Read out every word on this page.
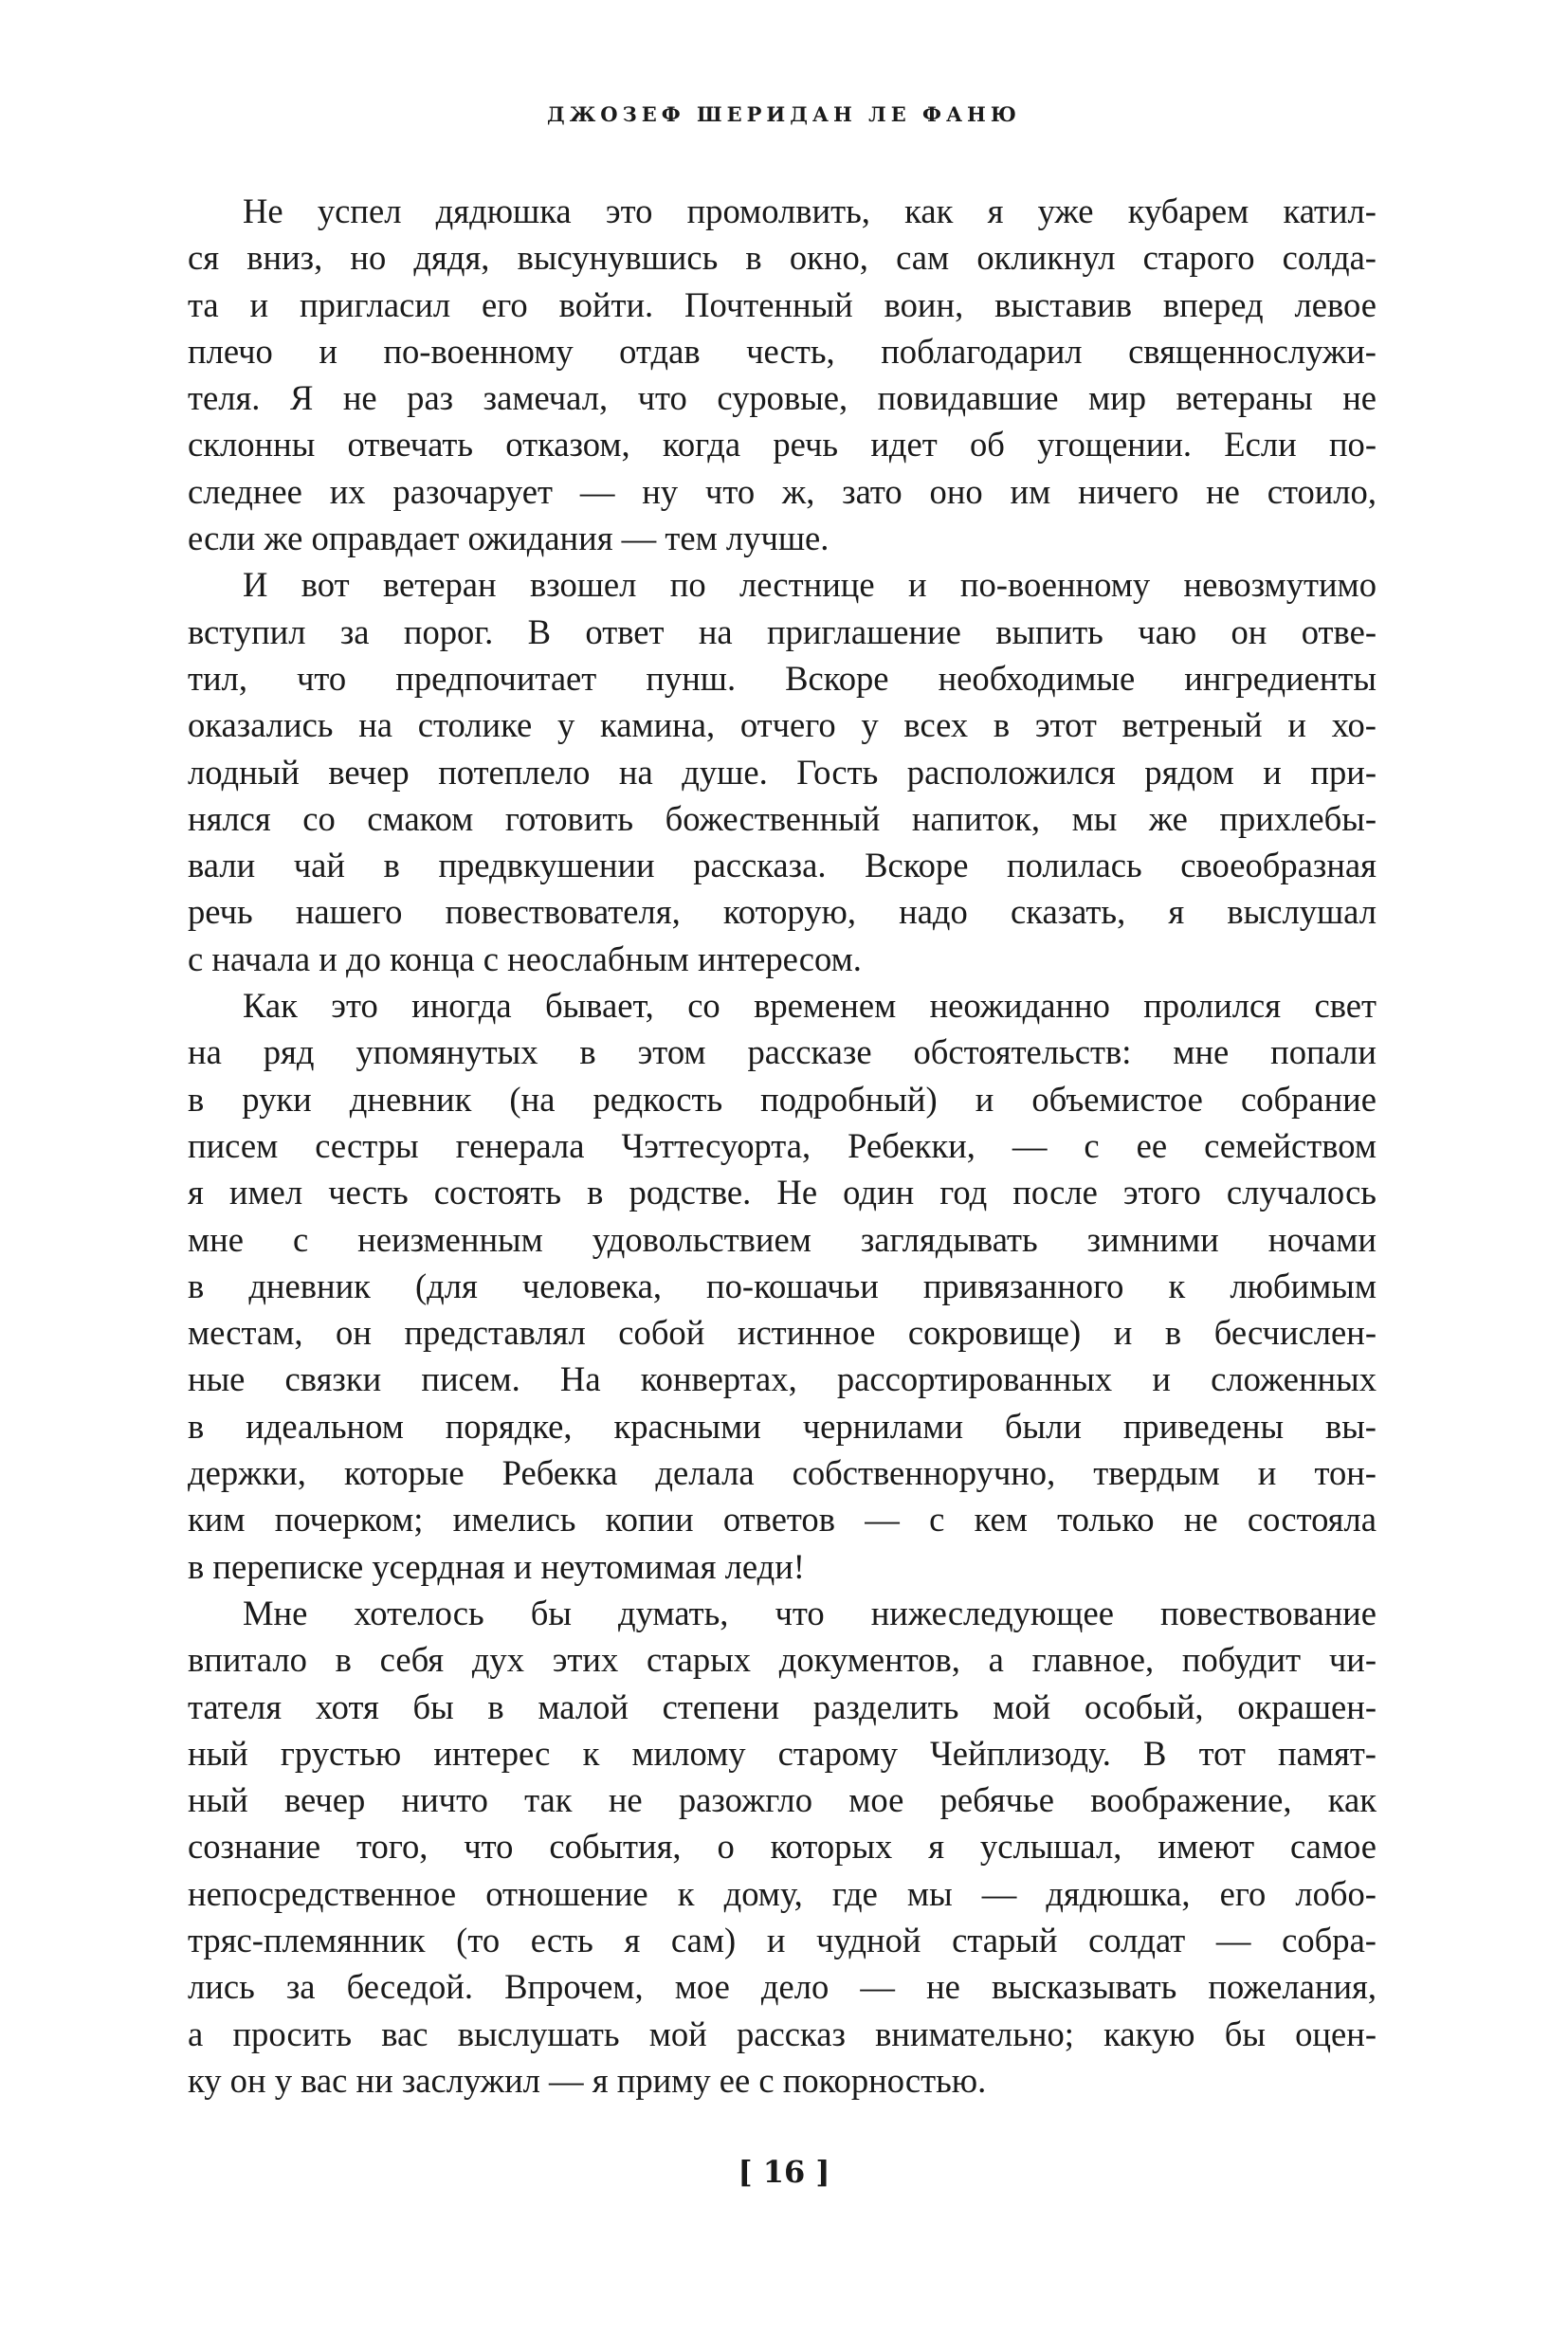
ДЖОЗЕФ ШЕРИДАН ЛЕ ФАНЮ
Не успел дядюшка это промолвить, как я уже кубарем катил-
ся вниз, но дядя, высунувшись в окно, сам окликнул старого солда-
та и пригласил его войти. Почтенный воин, выставив вперед левое
плечо и по-военному отдав честь, поблагодарил священнослужи-
теля. Я не раз замечал, что суровые, повидавшие мир ветераны не
склонны отвечать отказом, когда речь идет об угощении. Если по-
следнее их разочарует — ну что ж, зато оно им ничего не стоило,
если же оправдает ожидания — тем лучше.
И вот ветеран взошел по лестнице и по-военному невозмутимо
вступил за порог. В ответ на приглашение выпить чаю он отве-
тил, что предпочитает пунш. Вскоре необходимые ингредиенты
оказались на столике у камина, отчего у всех в этот ветреный и хо-
лодный вечер потеплело на душе. Гость расположился рядом и при-
нялся со смаком готовить божественный напиток, мы же прихлебы-
вали чай в предвкушении рассказа. Вскоре полилась своеобразная
речь нашего повествователя, которую, надо сказать, я выслушал
с начала и до конца с неослабным интересом.
Как это иногда бывает, со временем неожиданно пролился свет
на ряд упомянутых в этом рассказе обстоятельств: мне попали
в руки дневник (на редкость подробный) и объемистое собрание
писем сестры генерала Чэттесуорта, Ребекки, — с ее семейством
я имел честь состоять в родстве. Не один год после этого случалось
мне с неизменным удовольствием заглядывать зимними ночами
в дневник (для человека, по-кошачьи привязанного к любимым
местам, он представлял собой истинное сокровище) и в бесчислен-
ные связки писем. На конвертах, рассортированных и сложенных
в идеальном порядке, красными чернилами были приведены вы-
держки, которые Ребекка делала собственноручно, твердым и тон-
ким почерком; имелись копии ответов — с кем только не состояла
в переписке усердная и неутомимая леди!
Мне хотелось бы думать, что нижеследующее повествование
впитало в себя дух этих старых документов, а главное, побудит чи-
тателя хотя бы в малой степени разделить мой особый, окрашен-
ный грустью интерес к милому старому Чейплизоду. В тот памят-
ный вечер ничто так не разожгло мое ребячье воображение, как
сознание того, что события, о которых я услышал, имеют самое
непосредственное отношение к дому, где мы — дядюшка, его лобо-
тряс-племянник (то есть я сам) и чудной старый солдат — собра-
лись за беседой. Впрочем, мое дело — не высказывать пожелания,
а просить вас выслушать мой рассказ внимательно; какую бы оцен-
ку он у вас ни заслужил — я приму ее с покорностью.
[ 16 ]
